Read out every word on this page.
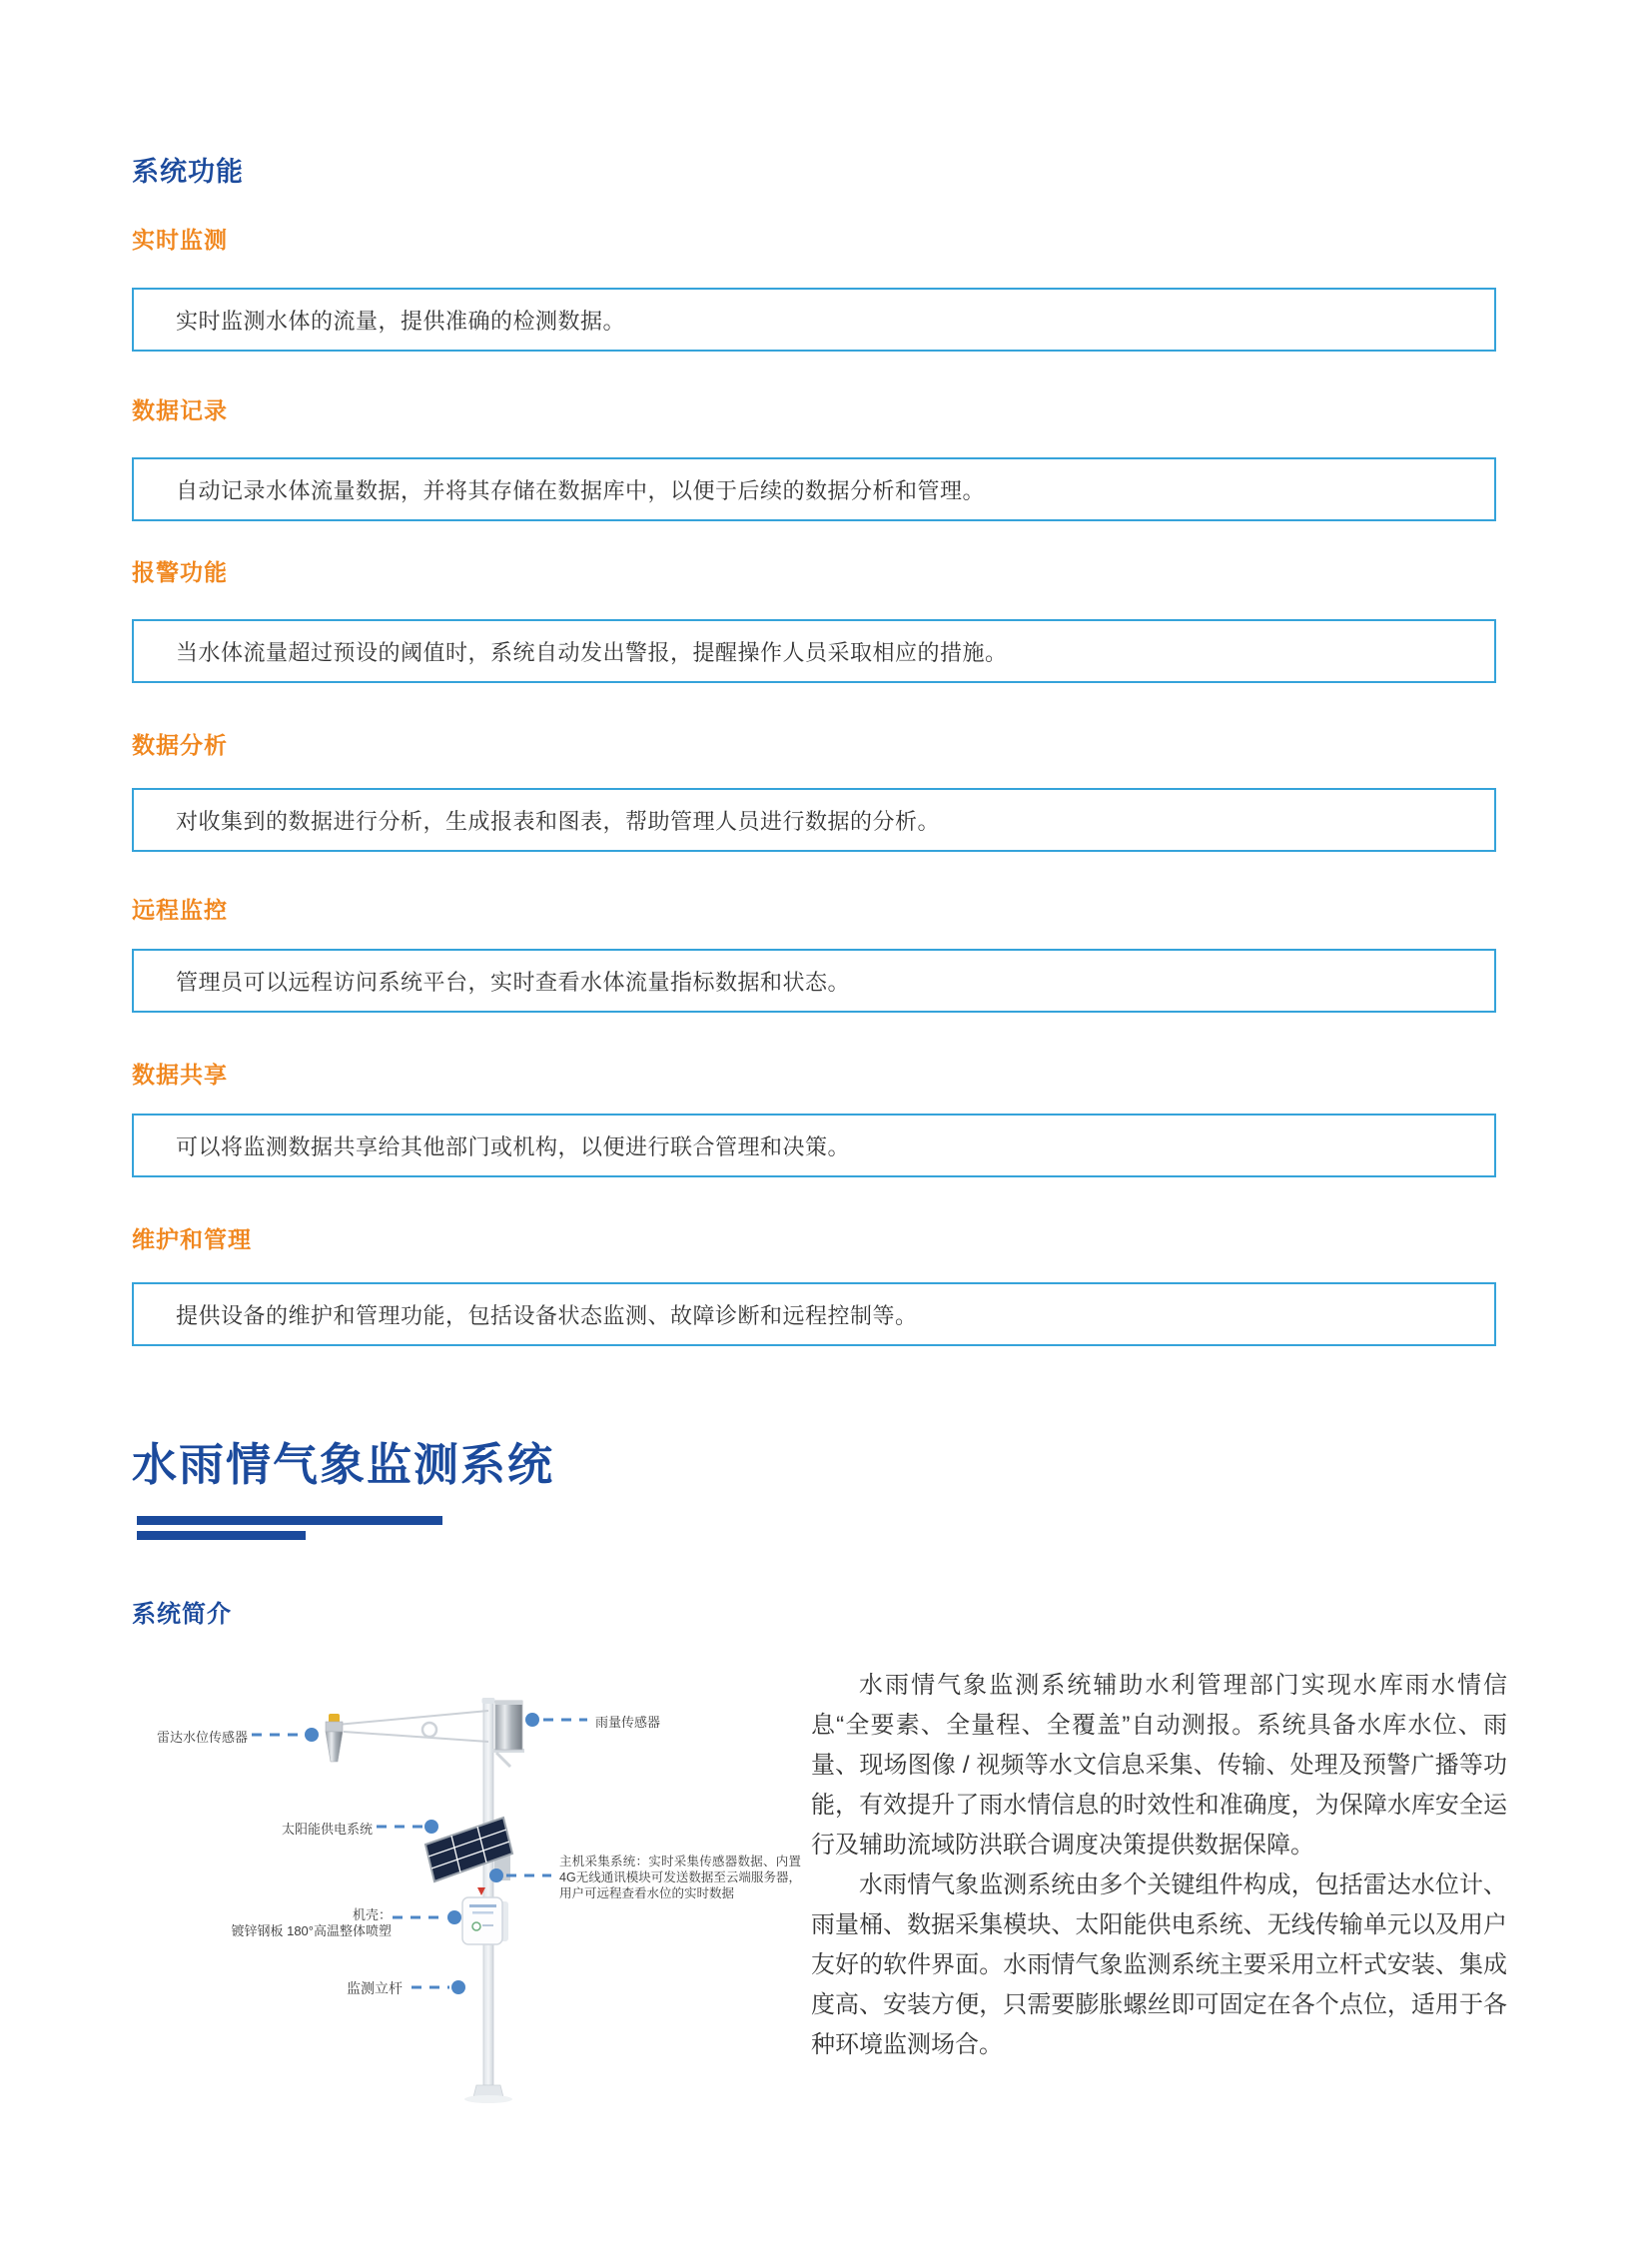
系统功能
实时监测

实时监测水体的流量，提供准确的检测数据。

数据记录

自动记录水体流量数据，并将其存储在数据库中，以便于后续的数据分析和管理。

报警功能

当水体流量超过预设的阈值时，系统自动发出警报，提醒操作人员采取相应的措施。

数据分析

对收集到的数据进行分析，生成报表和图表，帮助管理人员进行数据的分析。

远程监控

管理员可以远程访问系统平台，实时查看水体流量指标数据和状态。

数据共享

可以将监测数据共享给其他部门或机构，以便进行联合管理和决策。

维护和管理

提供设备的维护和管理功能，包括设备状态监测、故障诊断和远程控制等。

水雨情气象监测系统
系统简介
雷达水位传感器
雨量传感器
太阳能供电系统
主机采集系统：实时采集传感器数据、内置4G无线通讯模块可发送数据至云端服务器，用户可远程查看水位的实时数据
机壳：
镀锌钢板 180°高温整体喷塑
监测立杆

水雨情气象监测系统辅助水利管理部门实现水库雨水情信息“全要素、全量程、全覆盖”自动测报。系统具备水库水位、雨量、现场图像 / 视频等水文信息采集、传输、处理及预警广播等功能，有效提升了雨水情信息的时效性和准确度，为保障水库安全运行及辅助流域防洪联合调度决策提供数据保障。

水雨情气象监测系统由多个关键组件构成，包括雷达水位计、雨量桶、数据采集模块、太阳能供电系统、无线传输单元以及用户友好的软件界面。水雨情气象监测系统主要采用立杆式安装、集成度高、安装方便，只需要膨胀螺丝即可固定在各个点位，适用于各种环境监测场合。
